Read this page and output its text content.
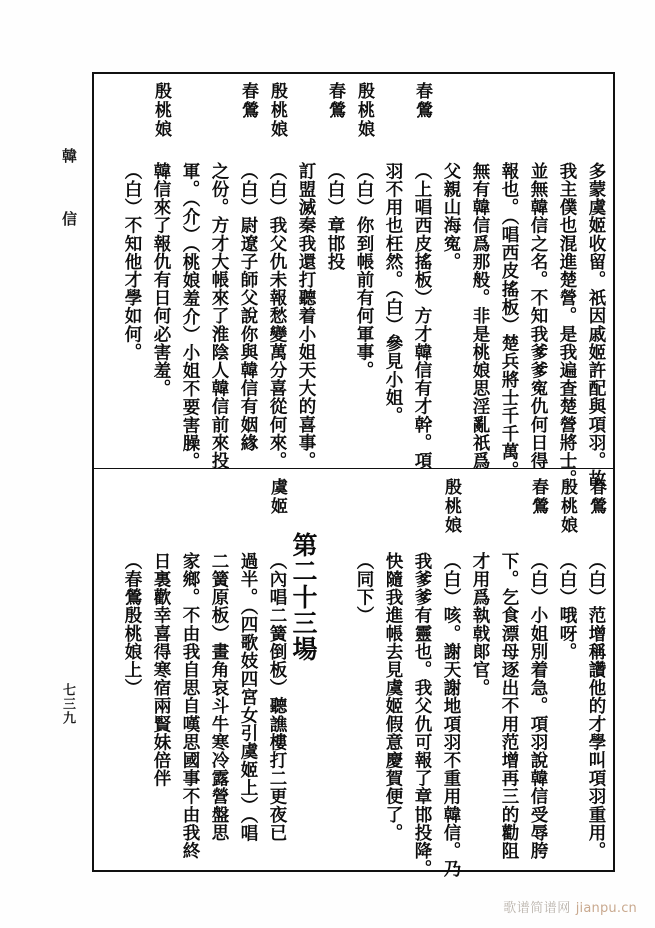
韓信
七三九
多蒙虞姬收留。祇因戚姬許配與項羽。故
我主僕也混進楚營。是我遍查楚營將士。
並無韓信之名。不知我爹爹寃仇何日得
報也。（唱西皮搖板）楚兵將士千千萬。
無有韓信爲那般。非是桃娘思淫亂祇爲
父親山海寃。
春鶯
（上唱西皮搖板）方才韓信有才幹。項
羽不用也枉然。（白）參見小姐。
殷桃娘
（白）你到帳前有何軍事。
春鶯
（白）章邯投
訂盟滅秦我還打聽着小姐天大的喜事。
殷桃娘
（白）我父仇未報愁變萬分喜從何來。
春鶯
（白）尉遼子師父說你與韓信有姻緣
之份。方才大帳來了淮陰人韓信前來投
軍。（介）（桃娘羞介）小姐不要害臊。
殷桃娘
韓信來了報仇有日何必害羞。
（白）不知他才學如何。
春鶯
（白）范增稱讚他的才學叫項羽重用。
殷桃娘
（白）哦呀。
春鶯
（白）小姐別着急。項羽說韓信受辱胯
下。乞食漂母逐出不用范增再三的勸阻
才用爲執戟郞官。
殷桃娘
（白）咳。謝天謝地項羽不重用韓信。乃
我爹爹有靈也。我父仇可報了章邯投降。
快隨我進帳去見虞姬假意慶賀便了。
（同下）
第二十三場
虞姬
（內唱二簧倒板）聽譙樓打二更夜已
過半。（四歌妓四宮女引虞姬上）（唱
二簧原板）畫角哀斗牛寒冷露營盤思
家鄉。不由我自思自嘆思國事不由我終
日裏歡幸喜得寒宿兩賢妹倍伴
（春鶯殷桃娘上）
歌谱简谱网 jianpu.cn
